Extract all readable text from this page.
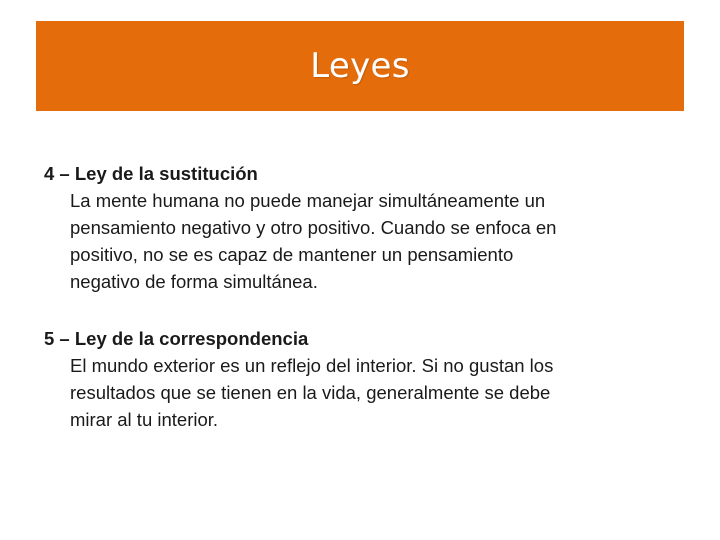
Leyes
4 – Ley de la sustitución
La mente humana no puede manejar simultáneamente un
pensamiento negativo y otro positivo. Cuando se enfoca en
positivo, no se es capaz de mantener un pensamiento
negativo de forma simultánea.
5 – Ley de la correspondencia
El mundo exterior es un reflejo del interior. Si no gustan los
resultados que se tienen en la vida, generalmente se debe
mirar al tu interior.
